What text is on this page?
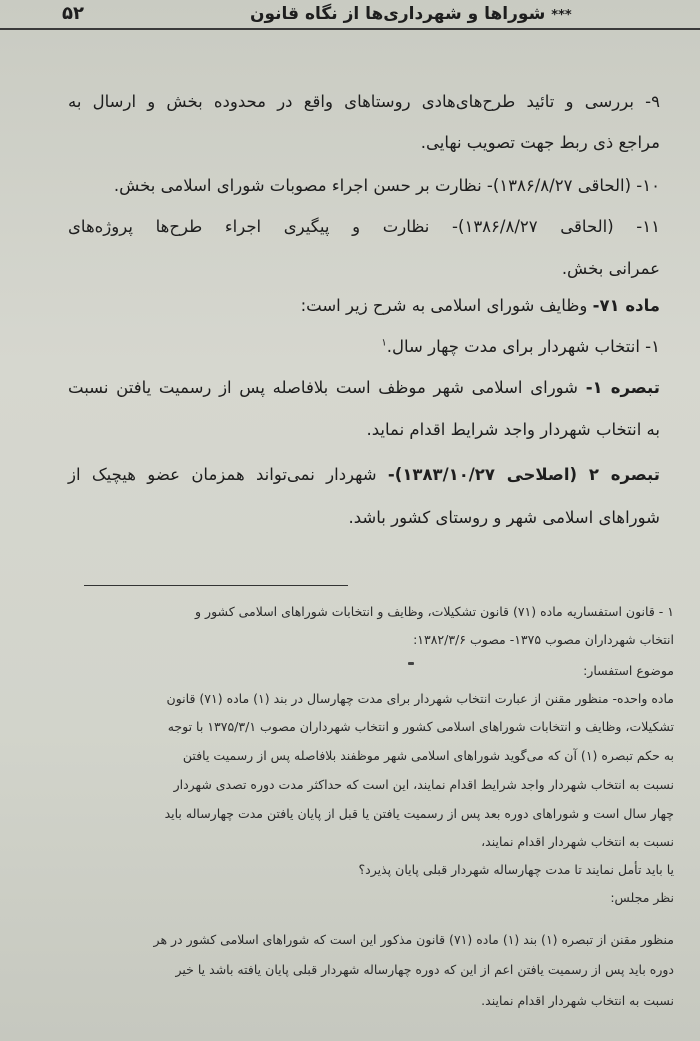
***شوراها و شهرداری‌ها از نگاه قانون
۵۲
۹- بررسی و تائید طرح‌های‌هادی روستاهای واقع در محدوده بخش و ارسال به
مراجع ذی ربط جهت تصویب نهایی.
۱۰- (الحاقی ۱۳۸۶/۸/۲۷)- نظارت بر حسن اجراء مصوبات شورای اسلامی بخش.
۱۱- (الحاقی ۱۳۸۶/۸/۲۷)- نظارت و پیگیری اجراء طرح‌ها پروژه‌های
عمرانی بخش.
ماده ۷۱- وظایف شورای اسلامی به شرح زیر است:
۱- انتخاب شهردار برای مدت چهار سال.$^۱$
تبصره ۱- شورای اسلامی شهر موظف است بلافاصله پس از رسمیت یافتن نسبت
به انتخاب شهردار واجد شرایط اقدام نماید.
تبصره ۲ (اصلاحی ۱۳۸۳/۱۰/۲۷)- شهردار نمی‌تواند همزمان عضو هیچیک از
شوراهای اسلامی شهر و روستای کشور باشد.
۱ - قانون استفساریه ماده (۷۱) قانون تشکیلات، وظایف و انتخابات شوراهای اسلامی کشور و
انتخاب شهرداران مصوب ۱۳۷۵- مصوب ۱۳۸۲/۳/۶:
موضوع استفسار:
ماده واحده- منظور مقنن از عبارت انتخاب شهردار برای مدت چهارسال در بند (۱) ماده (۷۱) قانون
تشکیلات، وظایف و انتخابات شوراهای اسلامی کشور و انتخاب شهرداران مصوب ۱۳۷۵/۳/۱ با توجه
به حکم تبصره (۱) آن که می‌گوید شوراهای اسلامی شهر موظفند بلافاصله پس از رسمیت یافتن
نسبت به انتخاب شهردار واجد شرایط اقدام نمایند، این است که حداکثر مدت دوره تصدی شهردار
چهار سال است و شوراهای دوره بعد پس از رسمیت یافتن یا قبل از پایان یافتن مدت چهارساله باید
نسبت به انتخاب شهردار اقدام نمایند،
یا باید تأمل نمایند تا مدت چهارساله شهردار قبلی پایان پذیرد؟
نظر مجلس:
منظور مقنن از تبصره (۱) بند (۱) ماده (۷۱) قانون مذکور این است که شوراهای اسلامی کشور در هر
دوره باید پس از رسمیت یافتن اعم از این که دوره چهارساله شهردار قبلی پایان یافته باشد یا خیر
نسبت به انتخاب شهردار اقدام نمایند.
